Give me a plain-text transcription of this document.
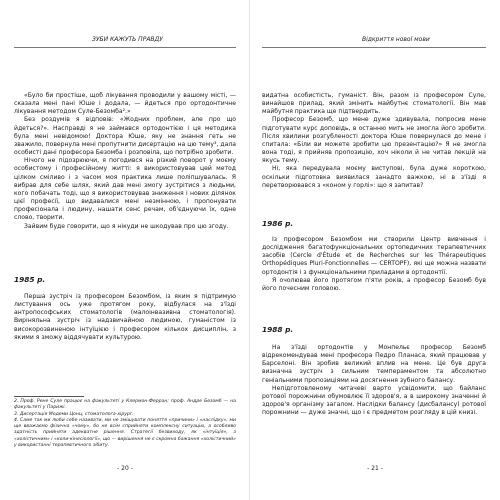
ЗУБИ КАЖУТЬ ПРАВДУ

«Було би простіше, щоб лікування проводили у вашому місті, — сказала мені пані Юше і додала, — йдеться про ортодонтичне лікування методом Суле-Безомба².»

Без роздумів я відповів: «Жодних проблем, але про що йдеться?». Насправді я не займався ортодонтією і ця методика була мені невідомою! Доктора Юше, яку не знання геть не зважило, повернула мені пропутнити дисертацію на цю тему³, дала особисті дані професора Безомба і розповіла, що потрібно зробити.

Нічого не підозрюючи, я погодився на різкий поворот у моєму особистому і професійному житті: я використовував цей метод цілком сміливо і з часом моя практика лише поліпшувалась. Я вибрав для себе шлях, який дав мені змогу зустрітися з людьми, кого побачать тоді, що я використовував зниження і нових ділянок цієї професії, що видавалися мені незмінною, і пропонувати професіонала і людину, нашати сенс речам, об'єднуючи їх, одне слово, творити.

Зайвим буде говорити, що я нікуди не шкодував про цю згоду.

1985 р.

Перша зустріч із професором Безомбом, із яким я підтримую листування ось уже протягом року, відбулася на з'їзді антропософських стоматологів (малоінвазивна стоматологія). Виріняльна зустріч із надзвичайною людиною, гуманістом із високорозвиненою інтуїцією і професором кількох дисциплін, з якими я зможу віддячувати культурою.

2. Проф. Рене Суле працює на факультеті у Клермон-Ферран; проф. Андре Безомб — на факультеті у Парижі.
3. Дисертація Модеми Цонц, стоматолога-хірург.
4. Саме так ми люби себе називати, ми не змішувати поняття «причини» і «наслідку», ми ще вважаємо фізична «чому», бо не всім сприйняти комплексну ситуацію, а особливо здатність прийняти адекватне рішення. Стратегії безвиходу, як «інтуїція», з «холістичним» і «коли-кінесіології», що — вирішення не є скромна бажання «холістичний» у використанні терапевтичного зібиту.
- 20 -
Відкриття нової мови

видатна особистість, гуманіст. Він, разом із професором Суле, винайшов прилад, який змінить майбутнє стоматології. Він мав майбутня практика ще підтвердить.

Професор Безомб, що мене дуже здивувала, попросив мене підготувати курс доповідь, в останню мить не змогла його зробити. Після хвилини розгубленості доктора Юше повернулася до мене і спитала: «Бiли ви можете зробити цю презентацію?» Я не змогла вона тоді, я прийняв пропозицію, хоч ніколи й не читав лекцій на якусь тему.

Ні, яка передувала моєму виступові, була дуже короткою, оскільки підготовка виявилася занадто важкою, ні в з'їзді я перетворювався з «коном у горлі»: що я запитав?

1986 р.

Із професором Безомбом ми створили Центр вивчення і дослідження багатофункціональних ортопедичних терапевтичних засобів (Cercle d'Étude et de Recherches sur les Thérapeutiques Orthopédiques Pluri-Fonctionnelles — CERTOPF), які ще можна назвати ортодонтія і з функціональними приладами в ортодонтії.

Я очолював його протягом п'яти років, а професор Безомб був його почесним головою.

1988 р.

На з'їзді ортодонтів у Монпельє професор Безомб відрекомендував мені професора Педро Планаса, який працював у Барселоні. Він зробив великий вплив на мене. Це був друга визначна зустріч з сильним темпераментом та абсолютно геніальними пропозиціями на досягнення зубного балансу.

Непідготовленому читачеві варто усвідомити, що байланс ротової порожнини обумовлює її здоров'я, а в широкому значенні й здоров'я організму загалом. Наслідки балансу (дисбалансу) ротової порожнини — дуже значні, що і є предметом розгляду в цій книзі.

- 21 -
